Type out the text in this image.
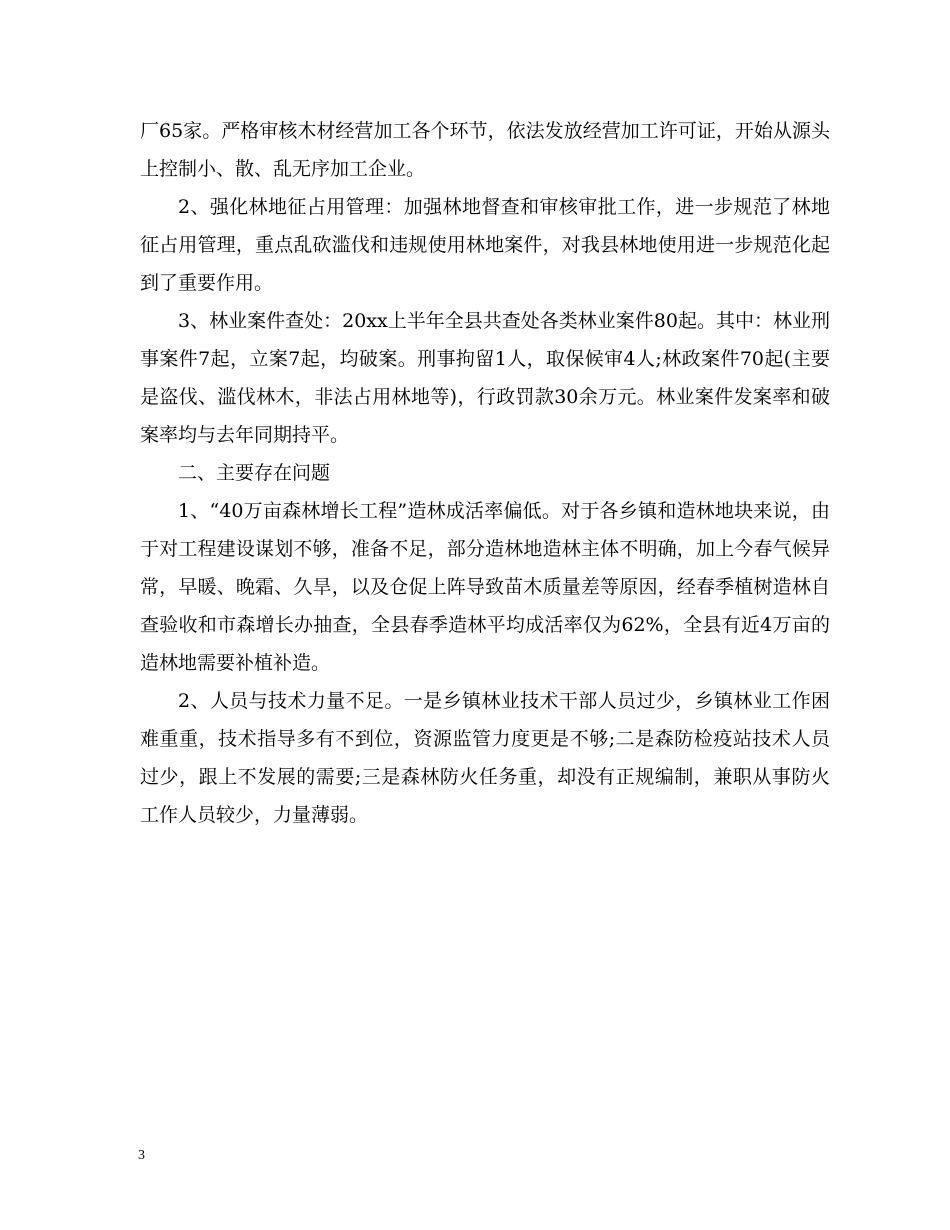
厂65家。严格审核木材经营加工各个环节，依法发放经营加工许可证，开始从源头上控制小、散、乱无序加工企业。

2、强化林地征占用管理：加强林地督查和审核审批工作，进一步规范了林地征占用管理，重点乱砍滥伐和违规使用林地案件，对我县林地使用进一步规范化起到了重要作用。

3、林业案件查处：20xx上半年全县共查处各类林业案件80起。其中：林业刑事案件7起，立案7起，均破案。刑事拘留1人，取保候审4人;林政案件70起(主要是盗伐、滥伐林木，非法占用林地等)，行政罚款30余万元。林业案件发案率和破案率均与去年同期持平。

二、主要存在问题

1、“40万亩森林增长工程”造林成活率偏低。对于各乡镇和造林地块来说，由于对工程建设谋划不够，准备不足，部分造林地造林主体不明确，加上今春气候异常，早暖、晚霜、久旱，以及仓促上阵导致苗木质量差等原因，经春季植树造林自查验收和市森增长办抽查，全县春季造林平均成活率仅为62%，全县有近4万亩的造林地需要补植补造。

2、人员与技术力量不足。一是乡镇林业技术干部人员过少，乡镇林业工作困难重重，技术指导多有不到位，资源监管力度更是不够;二是森防检疫站技术人员过少，跟上不发展的需要;三是森林防火任务重，却没有正规编制，兼职从事防火工作人员较少，力量薄弱。

3
